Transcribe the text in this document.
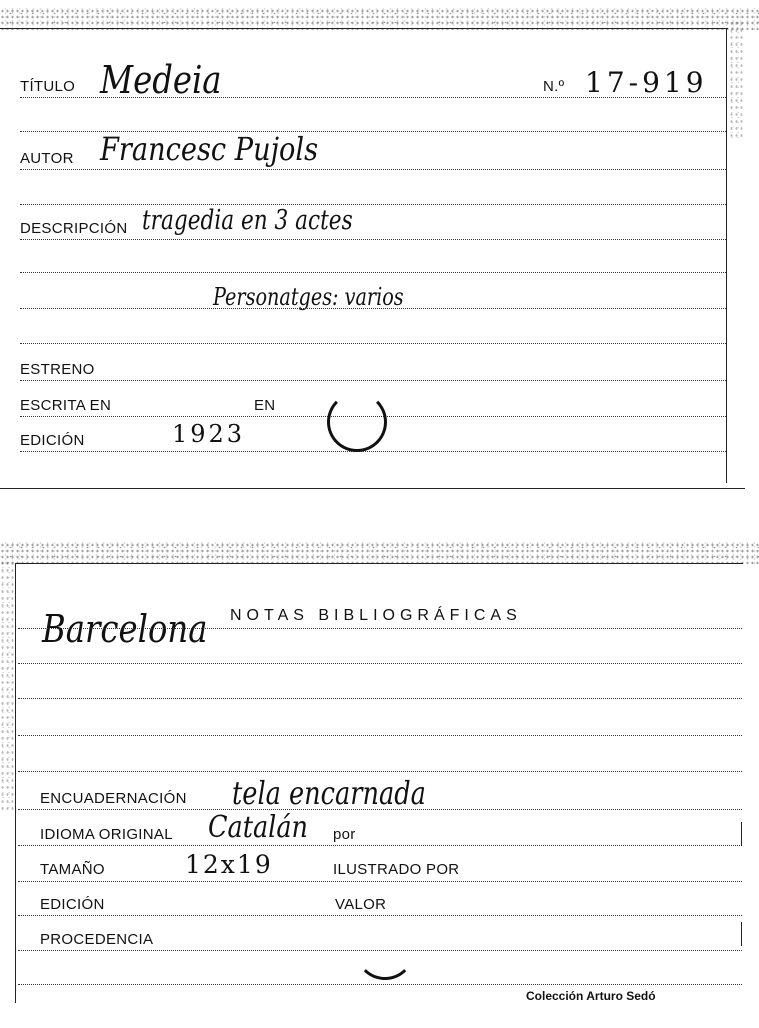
TÍTULO Medeia	N.º 17-919
AUTOR Francesc Pujols
DESCRIPCIÓN tragedia en 3 actes
Personatges: varios
ESTRENO
ESCRITA EN	EN
EDICIÓN	1923
NOTAS BIBLIOGRÁFICAS
Barcelona
ENCUADERNACIÓN tela encarnada
IDIOMA ORIGINAL Catalán por
TAMAÑO	12x19	ILUSTRADO POR
EDICIÓN	VALOR
PROCEDENCIA
Colección Arturo Sedó
